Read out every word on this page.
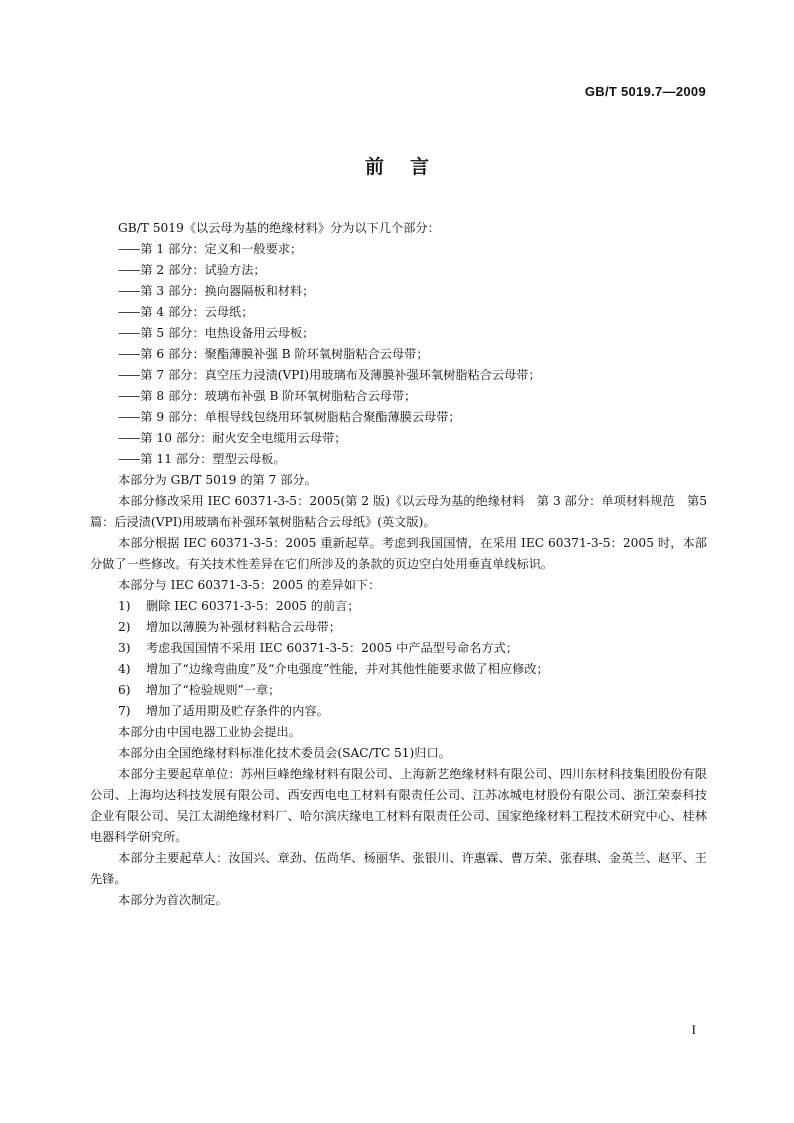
GB/T 5019.7—2009
前言

GB/T 5019《以云母为基的绝缘材料》分为以下几个部分：

—— 第 1 部分：定义和一般要求；

—— 第 2 部分：试验方法；

—— 第 3 部分：换向器隔板和材料；

—— 第 4 部分：云母纸；

—— 第 5 部分：电热设备用云母板；

—— 第 6 部分：聚酯薄膜补强 B 阶环氧树脂粘合云母带；

—— 第 7 部分：真空压力浸渍(VPI)用玻璃布及薄膜补强环氧树脂粘合云母带；

—— 第 8 部分：玻璃布补强 B 阶环氧树脂粘合云母带；

—— 第 9 部分：单根导线包绕用环氧树脂粘合聚酯薄膜云母带；

—— 第 10 部分：耐火安全电缆用云母带；

—— 第 11 部分：塑型云母板。

本部分为 GB/T 5019 的第 7 部分。

本部分修改采用 IEC 60371-3-5：2005(第 2 版)《以云母为基的绝缘材料　第 3 部分：单项材料规范　第5 篇：后浸渍(VPI)用玻璃布补强环氧树脂粘合云母纸》(英文版)。

本部分根据 IEC 60371-3-5：2005 重新起草。考虑到我国国情，在采用 IEC 60371-3-5：2005 时，本部分做了一些修改。有关技术性差异在它们所涉及的条款的页边空白处用垂直单线标识。

本部分与 IEC 60371-3-5：2005 的差异如下：

1) 删除 IEC 60371-3-5：2005 的前言；
2) 增加以薄膜为补强材料粘合云母带；
3) 考虑我国国情不采用 IEC 60371-3-5：2005 中产品型号命名方式；
4) 增加了“边缘弯曲度”及“介电强度”性能，并对其他性能要求做了相应修改；
6) 增加了“检验规则”一章；
7) 增加了适用期及贮存条件的内容。

本部分由中国电器工业协会提出。

本部分由全国绝缘材料标准化技术委员会(SAC/TC 51)归口。

本部分主要起草单位：苏州巨峰绝缘材料有限公司、上海新艺绝缘材料有限公司、四川东材科技集团股份有限公司、上海均达科技发展有限公司、西安西电电工材料有限责任公司、江苏冰城电材股份有限公司、浙江荣泰科技企业有限公司、吴江太湖绝缘材料厂、哈尔滨庆缘电工材料有限责任公司、国家绝缘材料工程技术研究中心、桂林电器科学研究所。

本部分主要起草人：汝国兴、章劲、伍尚华、杨丽华、张银川、许惠霖、曹万荣、张春琪、金英兰、赵平、王先锋。

本部分为首次制定。

I
